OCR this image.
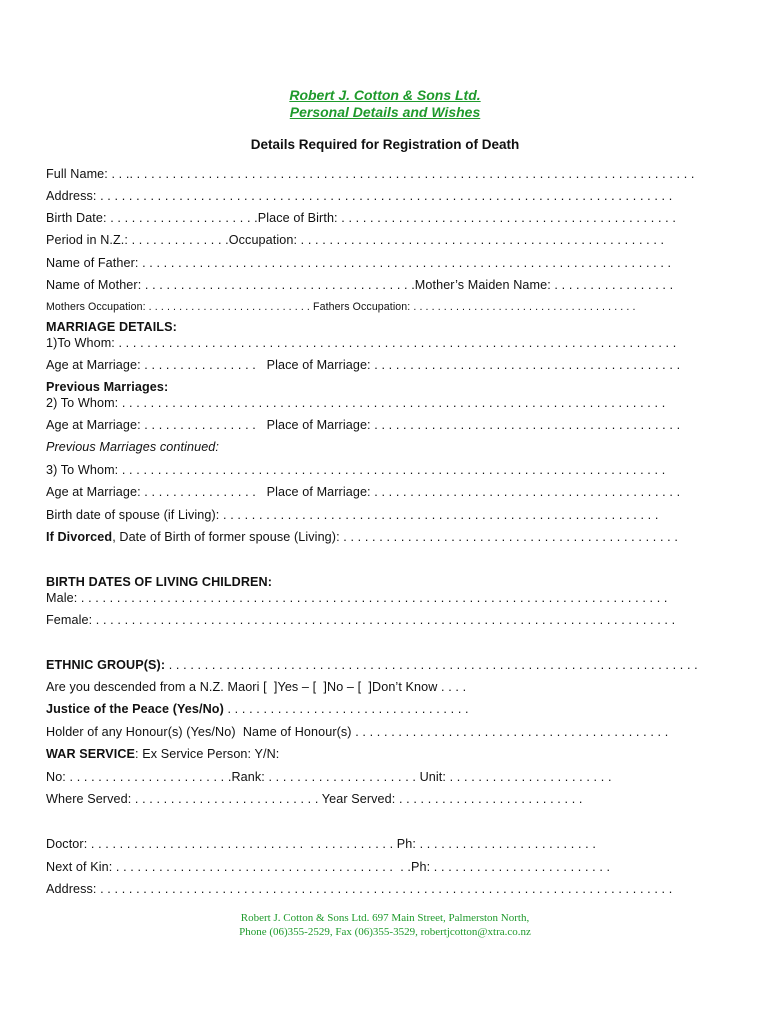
Robert J. Cotton & Sons Ltd.
Personal Details and Wishes
Details Required for Registration of Death
Full Name: . . .. . . . . . . . . . . . . . . . . . . . . . . . . . . . . . . . . . . . . . . . . . . . . . . . . . . . . . . . . . . . . . . . . . . . . . . . . . . . . . .
Address: . . . . . . . . . . . . . . . . . . . . . . . . . . . . . . . . . . . . . . . . . . . . . . . . . . . . . . . . . . . . . . . . . . . . . . . . . . . . . . . .
Birth Date: . . . . . . . . . . . . . . . . . . . . .Place of Birth: . . . . . . . . . . . . . . . . . . . . . . . . . . . . . . . . . . . . . . . . . . . . . . .
Period in N.Z.: . . . . . . . . . . . . . .Occupation: . . . . . . . . . . . . . . . . . . . . . . . . . . . . . . . . . . . . . . . . . . . . . . . . . . .
Name of Father: . . . . . . . . . . . . . . . . . . . . . . . . . . . . . . . . . . . . . . . . . . . . . . . . . . . . . . . . . . . . . . . . . . . . . . . . . .
Name of Mother: . . . . . . . . . . . . . . . . . . . . . . . . . . . . . . . . . . . . . .Mother’s Maiden Name: . . . . . . . . . . . . . . . . .
Mothers Occupation: . . . . . . . . . . . . . . . . . . . . . . . . . . . Fathers Occupation: . . . . . . . . . . . . . . . . . . . . . . . . . . . . . . . . . . . . .
MARRIAGE DETAILS:
1)To Whom: . . . . . . . . . . . . . . . . . . . . . . . . . . . . . . . . . . . . . . . . . . . . . . . . . . . . . . . . . . . . . . . . . . . . . . . . . . . . . .
Age at Marriage: . . . . . . . . . . . . . . . .   Place of Marriage: . . . . . . . . . . . . . . . . . . . . . . . . . . . . . . . . . . . . . . . . . . .
Previous Marriages:
2) To Whom: . . . . . . . . . . . . . . . . . . . . . . . . . . . . . . . . . . . . . . . . . . . . . . . . . . . . . . . . . . . . . . . . . . . . . . . . . . . .
Age at Marriage: . . . . . . . . . . . . . . . .   Place of Marriage: . . . . . . . . . . . . . . . . . . . . . . . . . . . . . . . . . . . . . . . . . . .
Previous Marriages continued:
3) To Whom: . . . . . . . . . . . . . . . . . . . . . . . . . . . . . . . . . . . . . . . . . . . . . . . . . . . . . . . . . . . . . . . . . . . . . . . . . . . .
Age at Marriage: . . . . . . . . . . . . . . . .   Place of Marriage: . . . . . . . . . . . . . . . . . . . . . . . . . . . . . . . . . . . . . . . . . . .
Birth date of spouse (if Living): . . . . . . . . . . . . . . . . . . . . . . . . . . . . . . . . . . . . . . . . . . . . . . . . . . . . . . . . . . . . .
If Divorced, Date of Birth of former spouse (Living): . . . . . . . . . . . . . . . . . . . . . . . . . . . . . . . . . . . . . . . . . . . . . . .
BIRTH DATES OF LIVING CHILDREN:
Male: . . . . . . . . . . . . . . . . . . . . . . . . . . . . . . . . . . . . . . . . . . . . . . . . . . . . . . . . . . . . . . . . . . . . . . . . . . . . . . . . . .
Female: . . . . . . . . . . . . . . . . . . . . . . . . . . . . . . . . . . . . . . . . . . . . . . . . . . . . . . . . . . . . . . . . . . . . . . . . . . . . . . . . .
ETHNIC GROUP(S): . . . . . . . . . . . . . . . . . . . . . . . . . . . . . . . . . . . . . . . . . . . . . . . . . . . . . . . . . . . . . . . . . . . . . . . . . .
Are you descended from a N.Z. Maori [  ]Yes – [  ]No – [  ]Don’t Know . . . .
Justice of the Peace (Yes/No) . . . . . . . . . . . . . . . . . . . . . . . . . . . . . . . . . .
Holder of any Honour(s) (Yes/No)  Name of Honour(s) . . . . . . . . . . . . . . . . . . . . . . . . . . . . . . . . . . . . . . . . . . . .
WAR SERVICE: Ex Service Person: Y/N:
No: . . . . . . . . . . . . . . . . . . . . . . .Rank: . . . . . . . . . . . . . . . . . . . . . Unit: . . . . . . . . . . . . . . . . . . . . . . .
Where Served: . . . . . . . . . . . . . . . . . . . . . . . . . . Year Served: . . . . . . . . . . . . . . . . . . . . . . . . . .
Doctor: . . . . . . . . . . . . . . . . . . . . . . . . . . . . . .  . . . . . . . . . . . . Ph: . . . . . . . . . . . . . . . . . . . . . . . . .
Next of Kin: . . . . . . . . . . . . . . . . . . . . . . . . . . . . . . . . . . . . . . .  . .Ph: . . . . . . . . . . . . . . . . . . . . . . . . .
Address: . . . . . . . . . . . . . . . . . . . . . . . . . . . . . . . . . . . . . . . . . . . . . . . . . . . . . . . . . . . . . . . . . . . . . . . . . . . . . . . .
Robert J. Cotton & Sons Ltd. 697 Main Street, Palmerston North,
Phone (06)355-2529, Fax (06)355-3529, robertjcotton@xtra.co.nz
